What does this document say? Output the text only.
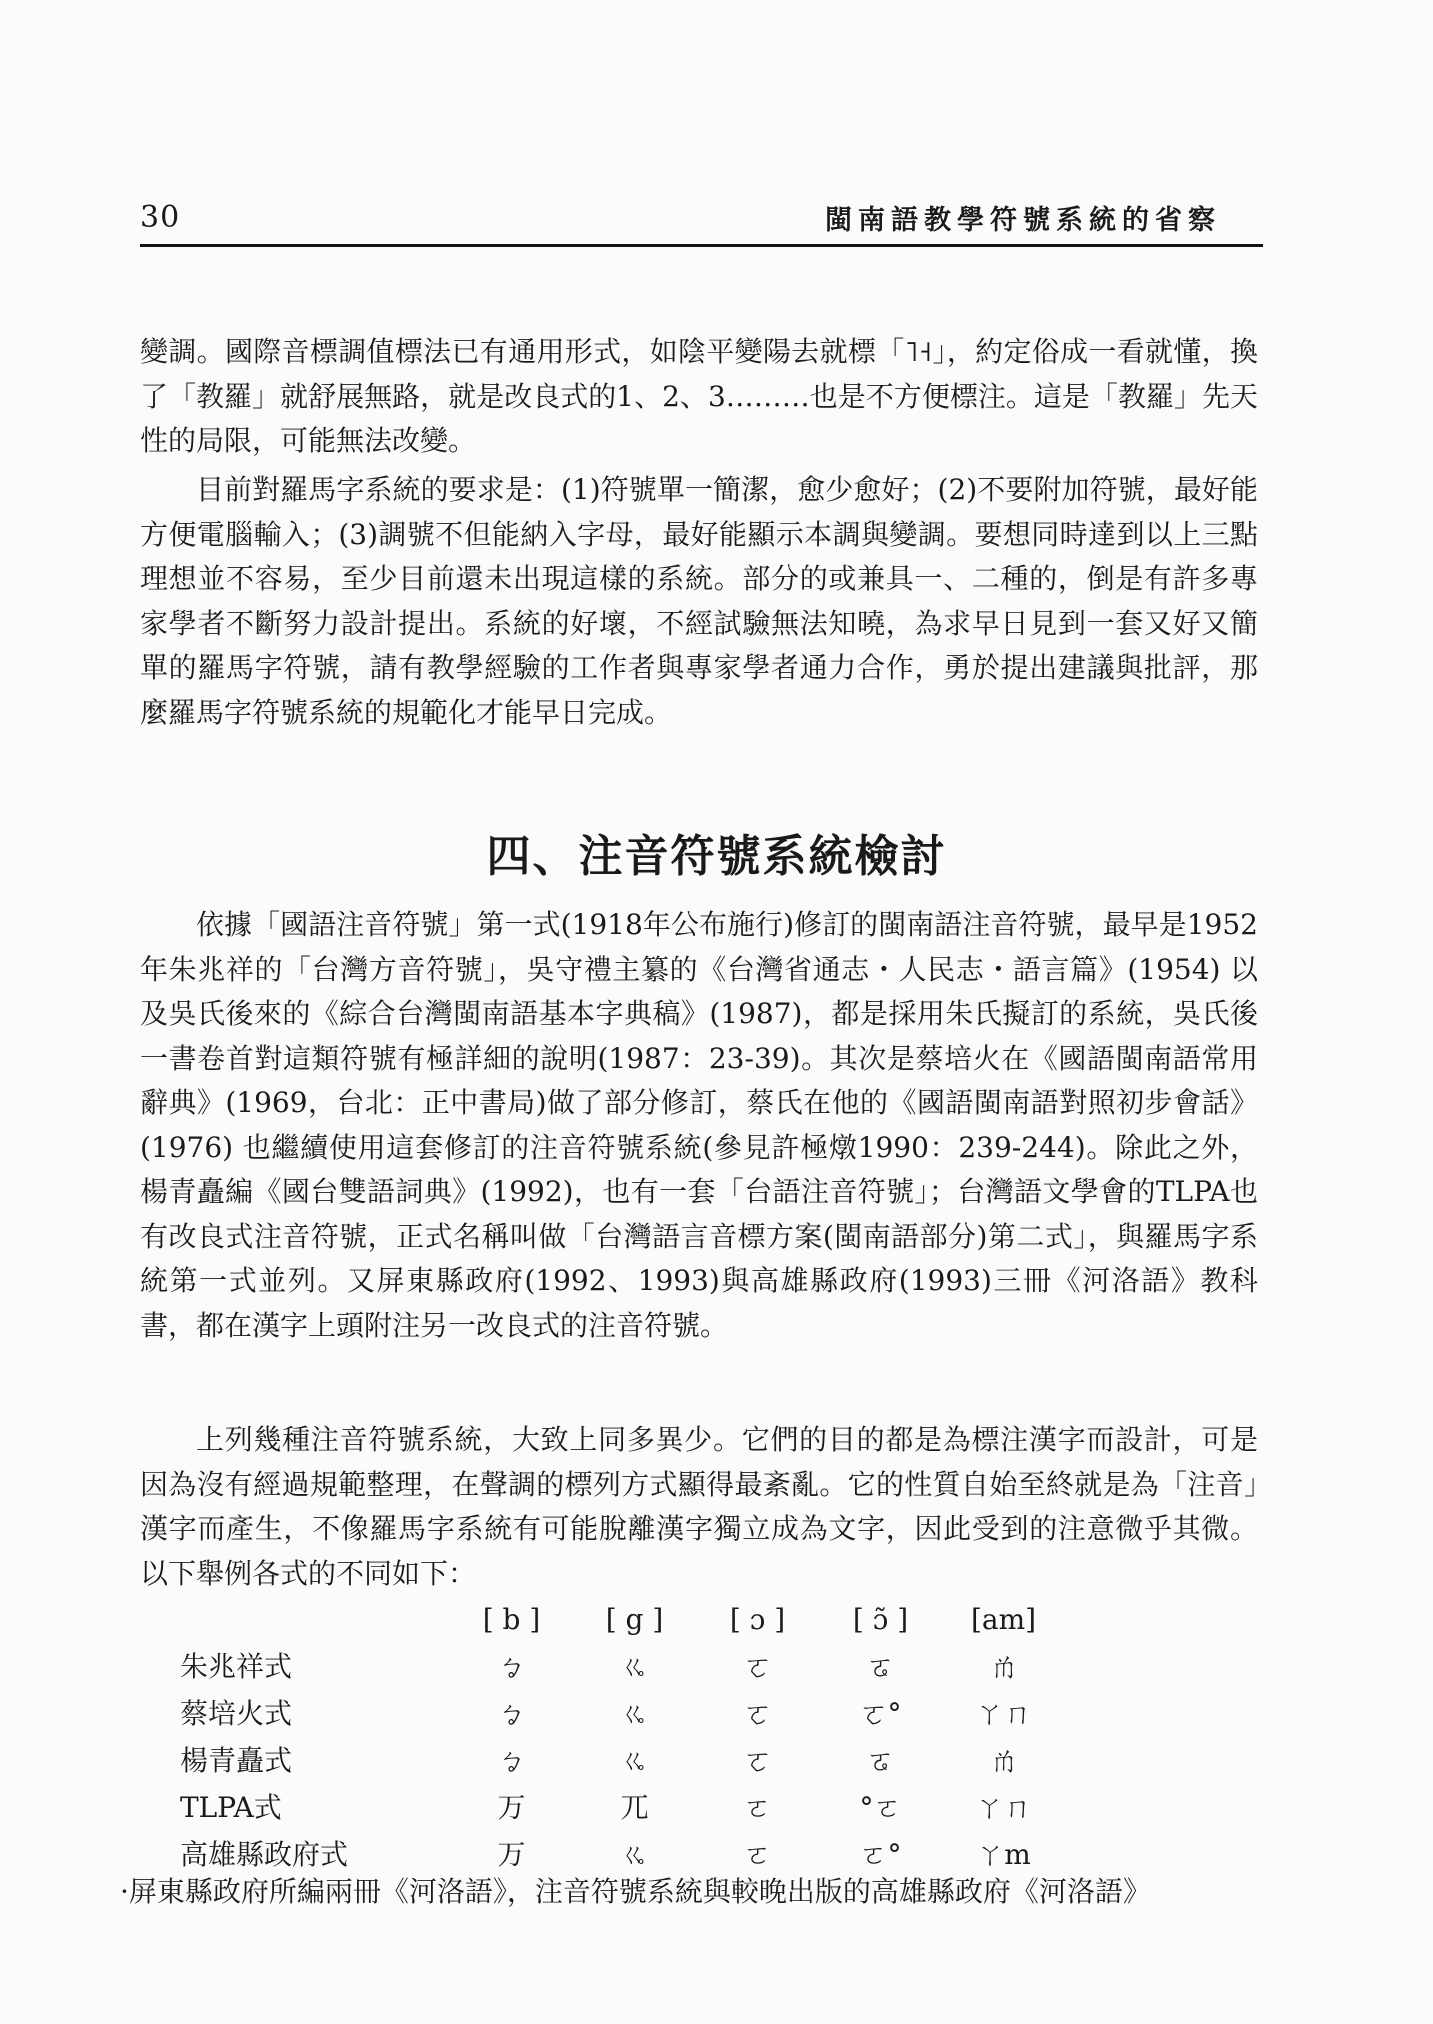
30	閩南語教學符號系統的省察

變調。國際音標調值標法已有通用形式，如陰平變陽去就標「˥˧」，約定俗成一看就懂，換了「教羅」就舒展無路，就是改良式的1、2、3………也是不方便標注。這是「教羅」先天性的局限，可能無法改變。

目前對羅馬字系統的要求是：(1)符號單一簡潔，愈少愈好；(2)不要附加符號，最好能方便電腦輸入；(3)調號不但能納入字母，最好能顯示本調與變調。要想同時達到以上三點理想並不容易，至少目前還未出現這樣的系統。部分的或兼具一、二種的，倒是有許多專家學者不斷努力設計提出。系統的好壞，不經試驗無法知曉，為求早日見到一套又好又簡單的羅馬字符號，請有教學經驗的工作者與專家學者通力合作，勇於提出建議與批評，那麼羅馬字符號系統的規範化才能早日完成。

四、注音符號系統檢討

依據「國語注音符號」第一式(1918年公布施行)修訂的閩南語注音符號，最早是1952年朱兆祥的「台灣方音符號」，吳守禮主纂的《台灣省通志・人民志・語言篇》(1954) 以及吳氏後來的《綜合台灣閩南語基本字典稿》(1987)，都是採用朱氏擬訂的系統，吳氏後一書卷首對這類符號有極詳細的說明(1987：23-39)。其次是蔡培火在《國語閩南語常用辭典》(1969，台北：正中書局)做了部分修訂，蔡氏在他的《國語閩南語對照初步會話》(1976) 也繼續使用這套修訂的注音符號系統(參見許極燉1990：239-244)。除此之外，楊青矗編《國台雙語詞典》(1992)，也有一套「台語注音符號」；台灣語文學會的TLPA也有改良式注音符號，正式名稱叫做「台灣語言音標方案(閩南語部分)第二式」，與羅馬字系統第一式並列。又屏東縣政府(1992、1993)與高雄縣政府(1993)三冊《河洛語》教科書，都在漢字上頭附注另一改良式的注音符號。

上列幾種注音符號系統，大致上同多異少。它們的目的都是為標注漢字而設計，可是因為沒有經過規範整理，在聲調的標列方式顯得最紊亂。它的性質自始至終就是為「注音」漢字而產生，不像羅馬字系統有可能脫離漢字獨立成為文字，因此受到的注意微乎其微。以下舉例各式的不同如下：

	[ b ]	[ g ]	[ ɔ ]	[ ɔ̃ ]	[am]
朱兆祥式	ㆠ	ㆣ	ㆦ	ㆧ	ㆰ
蔡培火式	ㆠ	ㆣ	ㆦ	ㆦ°	ㄚㄇ
楊青矗式	ㆠ	ㆣ	ㆦ	ㆧ	ㆰ
TLPA式	万	ㄫ	ㄛ	°ㄛ	ㄚㄇ
高雄縣政府式	万	ㆣ	ㄛ	ㄛ°	ㄚm

·屏東縣政府所編兩冊《河洛語》，注音符號系統與較晚出版的高雄縣政府《河洛語》
